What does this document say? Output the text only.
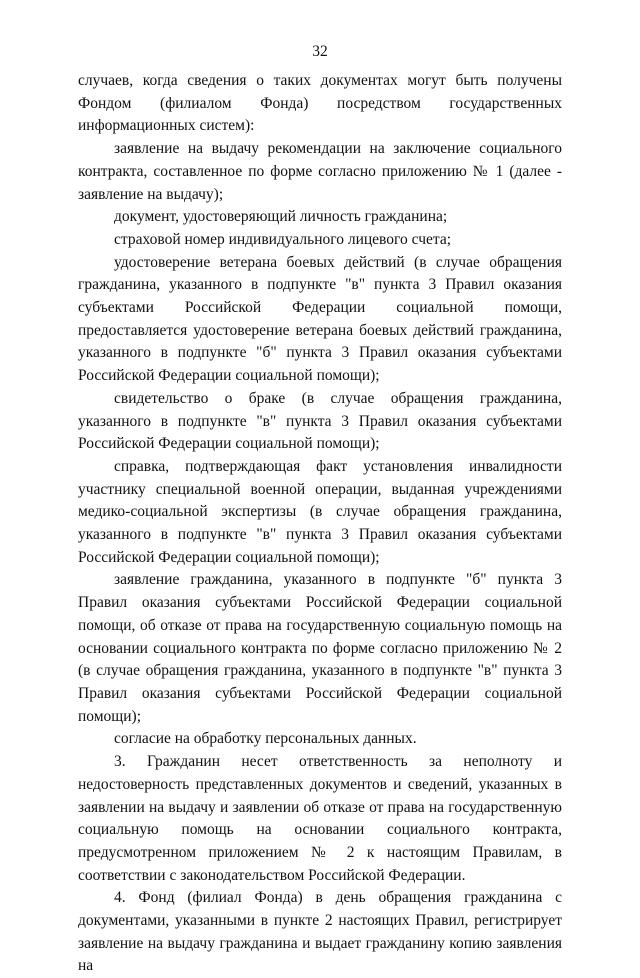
32

случаев, когда сведения о таких документах могут быть получены Фондом (филиалом Фонда) посредством государственных информационных систем):

заявление на выдачу рекомендации на заключение социального контракта, составленное по форме согласно приложению № 1 (далее - заявление на выдачу);

документ, удостоверяющий личность гражданина;

страховой номер индивидуального лицевого счета;

удостоверение ветерана боевых действий (в случае обращения гражданина, указанного в подпункте "в" пункта 3 Правил оказания субъектами Российской Федерации социальной помощи, предоставляется удостоверение ветерана боевых действий гражданина, указанного в подпункте "б" пункта 3 Правил оказания субъектами Российской Федерации социальной помощи);

свидетельство о браке (в случае обращения гражданина, указанного в подпункте "в" пункта 3 Правил оказания субъектами Российской Федерации социальной помощи);

справка, подтверждающая факт установления инвалидности участнику специальной военной операции, выданная учреждениями медико-социальной экспертизы (в случае обращения гражданина, указанного в подпункте "в" пункта 3 Правил оказания субъектами Российской Федерации социальной помощи);

заявление гражданина, указанного в подпункте "б" пункта 3 Правил оказания субъектами Российской Федерации социальной помощи, об отказе от права на государственную социальную помощь на основании социального контракта по форме согласно приложению № 2 (в случае обращения гражданина, указанного в подпункте "в" пункта 3 Правил оказания субъектами Российской Федерации социальной помощи);

согласие на обработку персональных данных.

3. Гражданин несет ответственность за неполноту и недостоверность представленных документов и сведений, указанных в заявлении на выдачу и заявлении об отказе от права на государственную социальную помощь на основании социального контракта, предусмотренном приложением № 2 к настоящим Правилам, в соответствии с законодательством Российской Федерации.

4. Фонд (филиал Фонда) в день обращения гражданина с документами, указанными в пункте 2 настоящих Правил, регистрирует заявление на выдачу гражданина и выдает гражданину копию заявления на
